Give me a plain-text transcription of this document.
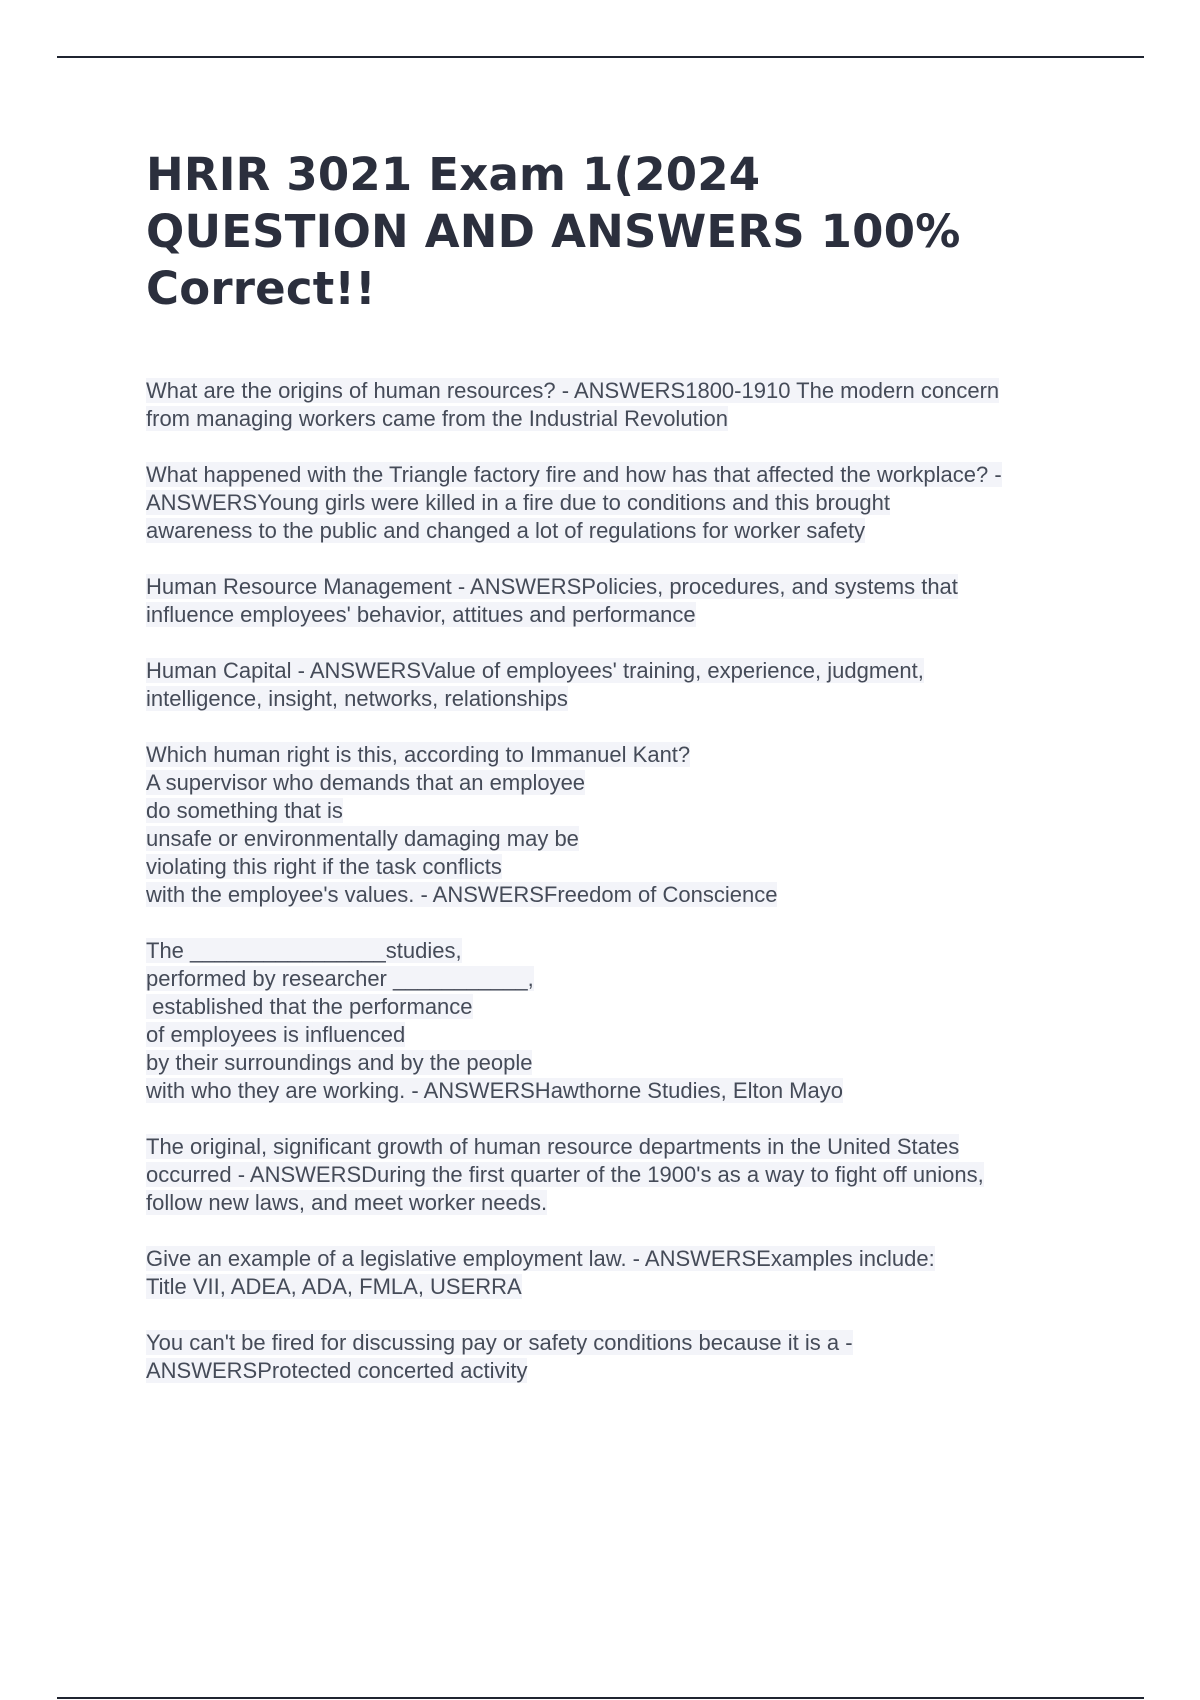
HRIR 3021 Exam 1(2024
QUESTION AND ANSWERS 100%
Correct!!
What are the origins of human resources? - ANSWERS1800-1910 The modern concern
from managing workers came from the Industrial Revolution
What happened with the Triangle factory fire and how has that affected the workplace? -
ANSWERSYoung girls were killed in a fire due to conditions and this brought
awareness to the public and changed a lot of regulations for worker safety
Human Resource Management - ANSWERSPolicies, procedures, and systems that
influence employees' behavior, attitues and performance
Human Capital - ANSWERSValue of employees' training, experience, judgment,
intelligence, insight, networks, relationships
Which human right is this, according to Immanuel Kant?
A supervisor who demands that an employee
do something that is
unsafe or environmentally damaging may be
violating this right if the task conflicts
with the employee's values. - ANSWERSFreedom of Conscience
The ________________studies,
performed by researcher ___________,
established that the performance
of employees is influenced
by their surroundings and by the people
with who they are working. - ANSWERSHawthorne Studies, Elton Mayo
The original, significant growth of human resource departments in the United States
occurred - ANSWERSDuring the first quarter of the 1900's as a way to fight off unions,
follow new laws, and meet worker needs.
Give an example of a legislative employment law. - ANSWERSExamples include:
Title VII, ADEA, ADA, FMLA, USERRA
You can't be fired for discussing pay or safety conditions because it is a -
ANSWERSProtected concerted activity
